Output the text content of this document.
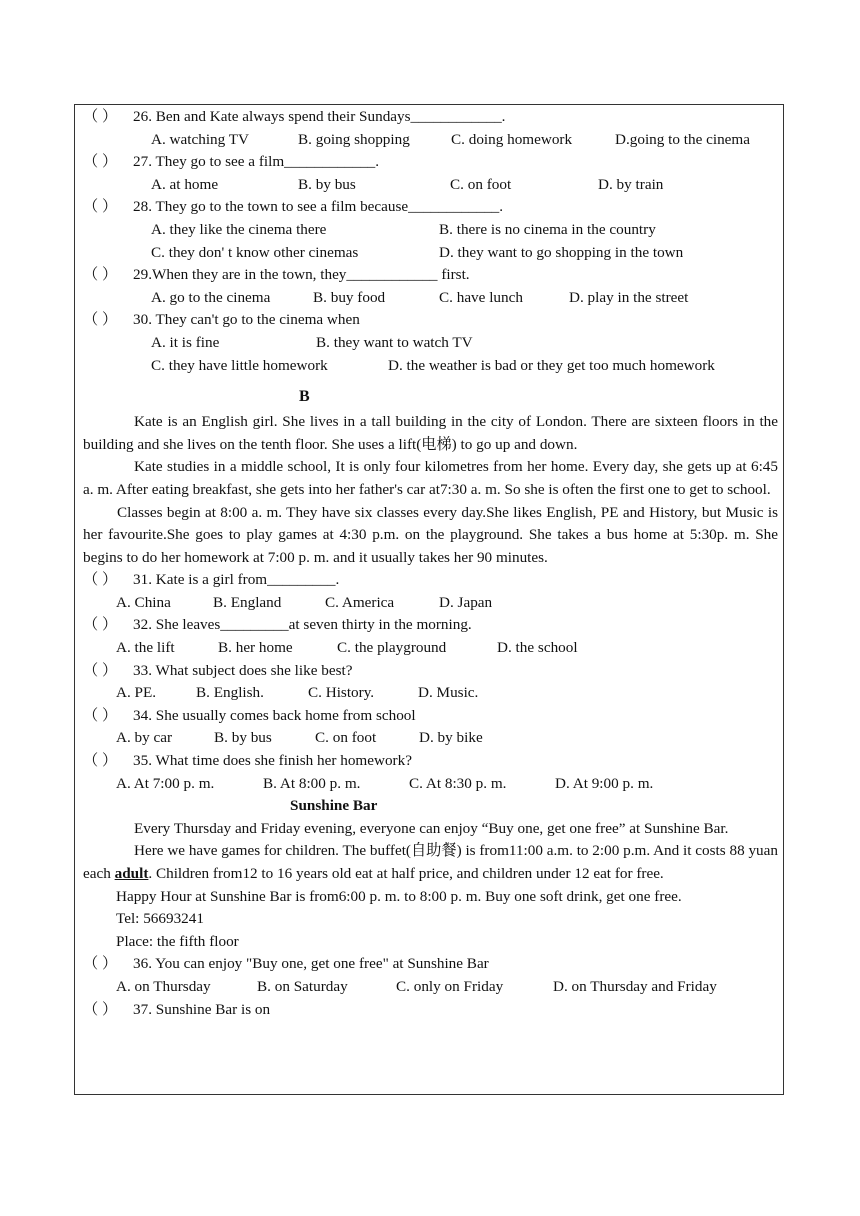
（ ）	26. Ben and Kate always spend their Sundays____________.
A. watching TV	B. going shopping	C. doing homework	D.going to the cinema
（ ）	27. They go to see a film____________.
A. at home	B. by bus	C. on foot	D. by train
（ ）	28. They go to the town to see a film because____________.
A. they like the cinema there	B. there is no cinema in the country
C. they don' t know other cinemas	D. they want to go shopping in the town
（ ）	29.When they are in the town, they____________ first.
A. go to the cinema	B. buy food	C. have lunch	D. play in the street
（ ）	30. They can't go to the cinema when
A. it is fine	B. they want to watch TV
C. they have little homework	D. the weather is bad or they get too much homework
B

Kate is an English girl. She lives in a tall building in the city of London. There are sixteen floors in the building and she lives on the tenth floor. She uses a lift(电梯) to go up and down.

Kate studies in a middle school, It is only four kilometres from her home. Every day, she gets up at 6:45 a. m. After eating breakfast, she gets into her father's car at7:30 a. m. So she is often the first one to get to school.

Classes begin at 8:00 a. m. They have six classes every day.She likes English, PE and History, but Music is her favourite.She goes to play games at 4:30 p.m. on the playground. She takes a bus home at 5:30p. m. She begins to do her homework at 7:00 p. m. and it usually takes her 90 minutes.

（ ）	31. Kate is a girl from_________.
A. China	B. England	C. America	D. Japan
（ ）	32. She leaves_________at seven thirty in the morning.
A. the lift	B. her home	C. the playground	D. the school
（ ）	33. What subject does she like best?
A. PE.	B. English.	C. History.	D. Music.
（ ）	34. She usually comes back home from school
A. by car	B. by bus	C. on foot	D. by bike
（ ）	35. What time does she finish her homework?
A. At 7:00 p. m.	B. At 8:00 p. m.	C. At 8:30 p. m.	D. At 9:00 p. m.
Sunshine Bar

Every Thursday and Friday evening, everyone can enjoy “Buy one, get one free” at Sunshine Bar.

Here we have games for children. The buffet(自助餐) is from11:00 a.m. to 2:00 p.m. And it costs 88 yuan each adult. Children from12 to 16 years old eat at half price, and children under 12 eat for free.

Happy Hour at Sunshine Bar is from6:00 p. m. to 8:00 p. m. Buy one soft drink, get one free.
Tel: 56693241
Place: the fifth floor
（ ）	36. You can enjoy "Buy one, get one free" at Sunshine Bar
A. on Thursday	B. on Saturday	C. only on Friday	D. on Thursday and Friday
（ ）	37. Sunshine Bar is on
